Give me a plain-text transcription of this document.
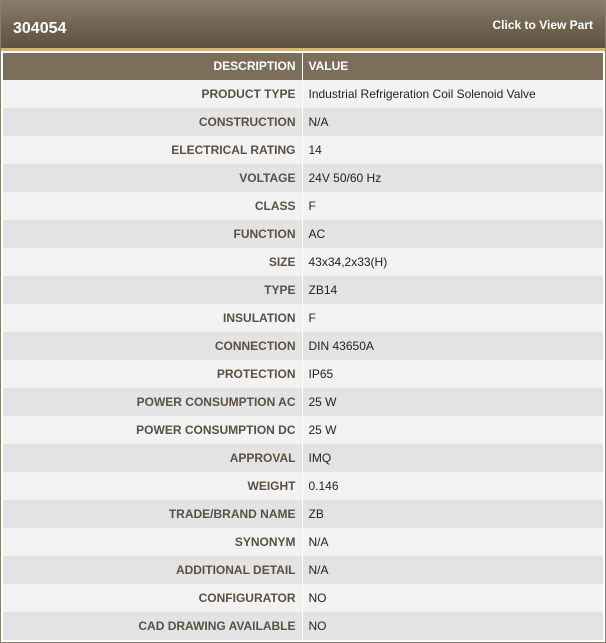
304054	Click to View Part
DESCRIPTION	VALUE
PRODUCT TYPE	Industrial Refrigeration Coil Solenoid Valve
CONSTRUCTION	N/A
ELECTRICAL RATING	14
VOLTAGE	24V 50/60 Hz
CLASS	F
FUNCTION	AC
SIZE	43x34,2x33(H)
TYPE	ZB14
INSULATION	F
CONNECTION	DIN 43650A
PROTECTION	IP65
POWER CONSUMPTION AC	25 W
POWER CONSUMPTION DC	25 W
APPROVAL	IMQ
WEIGHT	0.146
TRADE/BRAND NAME	ZB
SYNONYM	N/A
ADDITIONAL DETAIL	N/A
CONFIGURATOR	NO
CAD DRAWING AVAILABLE	NO
